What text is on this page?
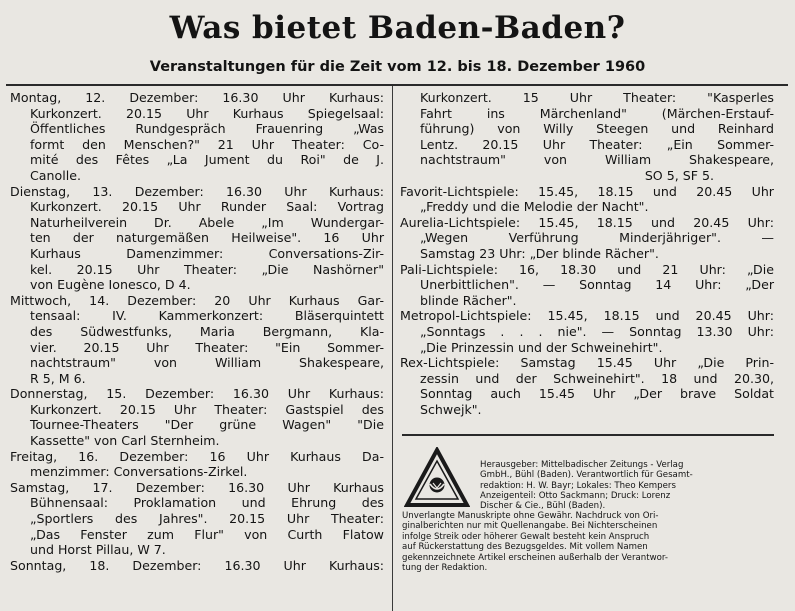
Was bietet Baden-Baden?
Veranstaltungen für die Zeit vom 12. bis 18. Dezember 1960
Montag, 12. Dezember: 16.30 Uhr Kurhaus:
Kurkonzert. 20.15 Uhr Kurhaus Spiegelsaal:
Öffentliches Rundgespräch Frauenring „Was
formt den Menschen?" 21 Uhr Theater: Co-
mité des Fêtes „La Jument du Roi" de J.
Canolle.
Dienstag, 13. Dezember: 16.30 Uhr Kurhaus:
Kurkonzert. 20.15 Uhr Runder Saal: Vortrag
Naturheilverein Dr. Abele „Im Wundergar-
ten der naturgemäßen Heilweise". 16 Uhr
Kurhaus Damenzimmer: Conversations-Zir-
kel. 20.15 Uhr Theater: „Die Nashörner"
von Eugène Ionesco, D 4.
Mittwoch, 14. Dezember: 20 Uhr Kurhaus Gar-
tensaal: IV. Kammerkonzert: Bläserquintett
des Südwestfunks, Maria Bergmann, Kla-
vier. 20.15 Uhr Theater: "Ein Sommer-
nachtstraum" von William Shakespeare,
R 5, M 6.
Donnerstag, 15. Dezember: 16.30 Uhr Kurhaus:
Kurkonzert. 20.15 Uhr Theater: Gastspiel des
Tournee-Theaters "Der grüne Wagen" "Die
Kassette" von Carl Sternheim.
Freitag, 16. Dezember: 16 Uhr Kurhaus Da-
menzimmer: Conversations-Zirkel.
Samstag, 17. Dezember: 16.30 Uhr Kurhaus
Bühnensaal: Proklamation und Ehrung des
„Sportlers des Jahres". 20.15 Uhr Theater:
„Das Fenster zum Flur" von Curth Flatow
und Horst Pillau, W 7.
Sonntag, 18. Dezember: 16.30 Uhr Kurhaus:
Kurkonzert. 15 Uhr Theater: "Kasperles
Fahrt ins Märchenland" (Märchen-Erstauf-
führung) von Willy Steegen und Reinhard
Lentz. 20.15 Uhr Theater: „Ein Sommer-
nachtstraum" von William Shakespeare,
SO 5, SF 5.
Favorit-Lichtspiele: 15.45, 18.15 und 20.45 Uhr
„Freddy und die Melodie der Nacht".
Aurelia-Lichtspiele: 15.45, 18.15 und 20.45 Uhr:
„Wegen Verführung Minderjähriger". —
Samstag 23 Uhr: „Der blinde Rächer".
Pali-Lichtspiele: 16, 18.30 und 21 Uhr: „Die
Unerbittlichen". — Sonntag 14 Uhr: „Der
blinde Rächer".
Metropol-Lichtspiele: 15.45, 18.15 und 20.45 Uhr:
„Sonntags . . . nie". — Sonntag 13.30 Uhr:
„Die Prinzessin und der Schweinehirt".
Rex-Lichtspiele: Samstag 15.45 Uhr „Die Prin-
zessin und der Schweinehirt". 18 und 20.30,
Sonntag auch 15.45 Uhr „Der brave Soldat
Schwejk".
Herausgeber: Mittelbadischer Zeitungs - Verlag
GmbH., Bühl (Baden). Verantwortlich für Gesamt-
redaktion: H. W. Bayr; Lokales: Theo Kempers
Anzeigenteil: Otto Sackmann; Druck: Lorenz
Discher & Cie., Bühl (Baden).
Unverlangte Manuskripte ohne Gewähr. Nachdruck von Ori-
ginalberichten nur mit Quellenangabe. Bei Nichterscheinen
infolge Streik oder höherer Gewalt besteht kein Anspruch
auf Rückerstattung des Bezugsgeldes. Mit vollem Namen
gekennzeichnete Artikel erscheinen außerhalb der Verantwor-
tung der Redaktion.
